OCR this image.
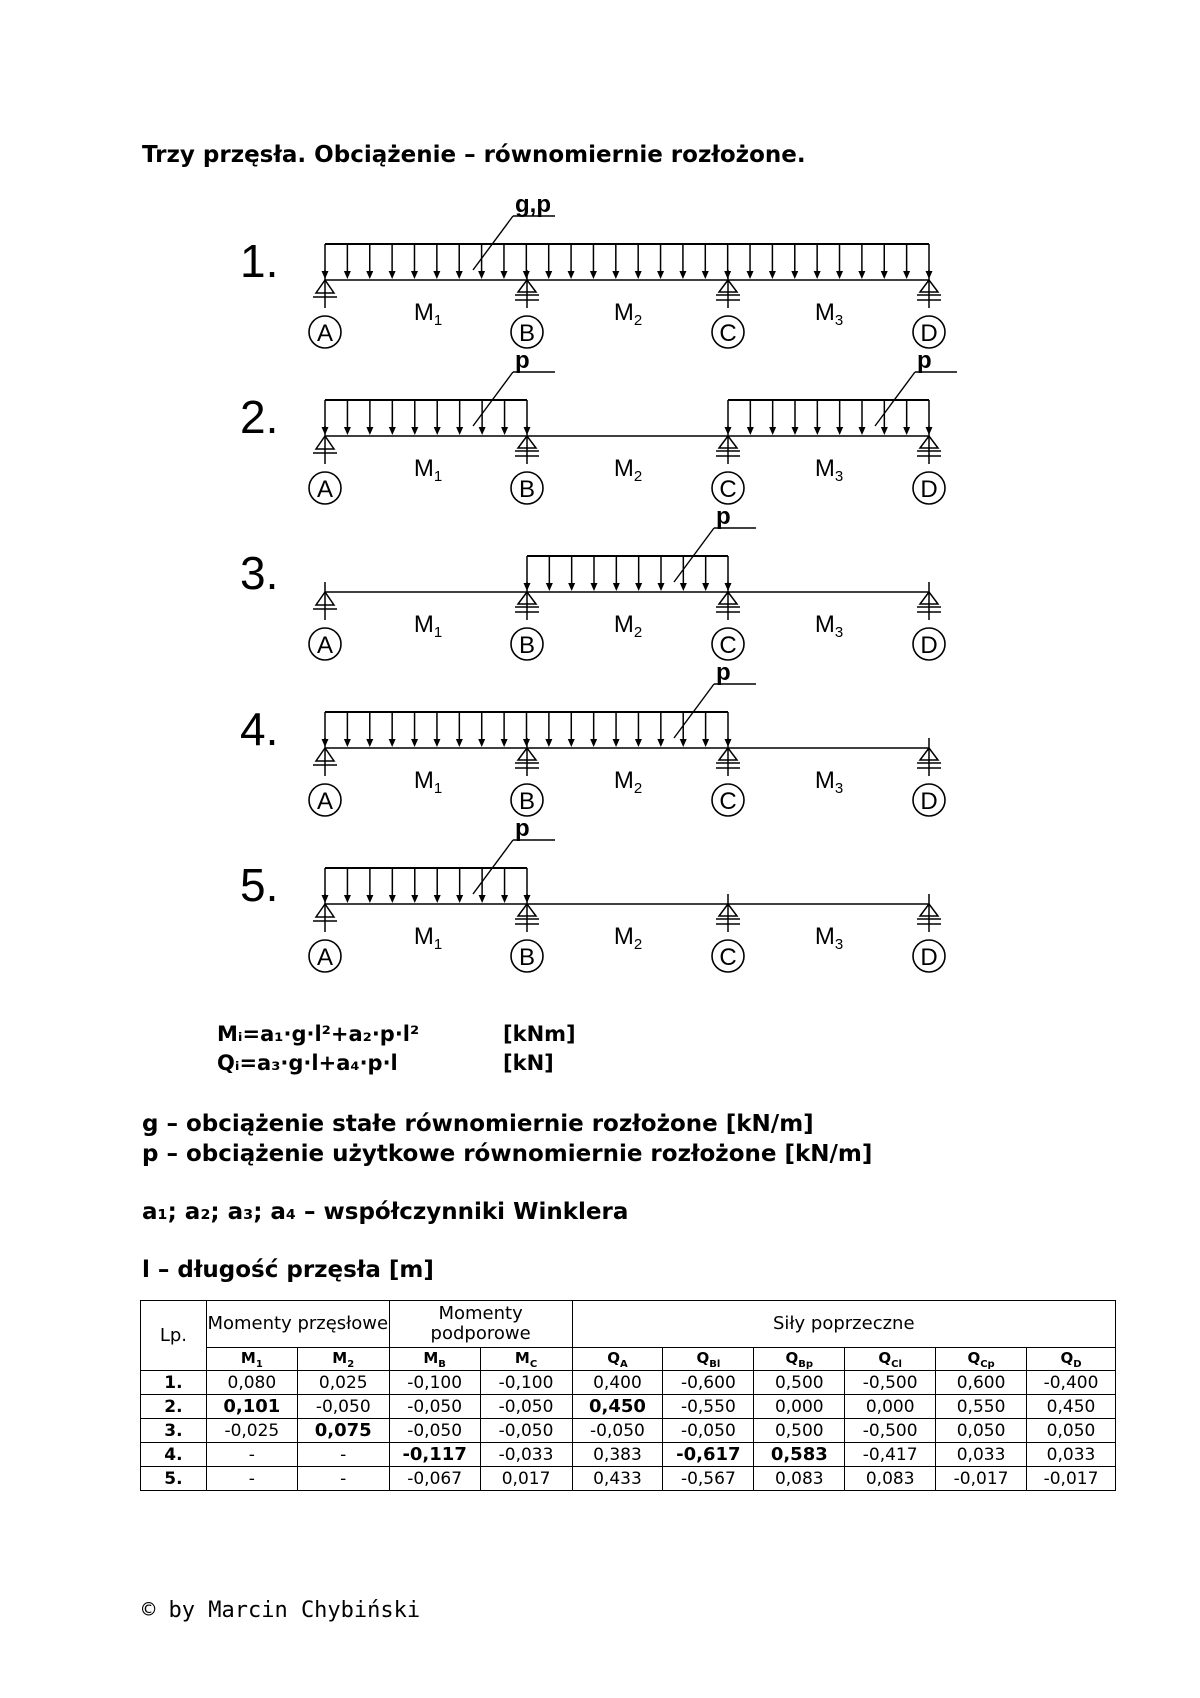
Trzy przęsła. Obciążenie – równomiernie rozłożone.
1.
A	B	C	D
$M_1$	$M_2$	$M_3$
g,p
2.
A	B	C	D
$M_1$	$M_2$	$M_3$
p	p
3.
A	B	C	D
$M_1$	$M_2$	$M_3$
p
4.
A	B	C	D
$M_1$	$M_2$	$M_3$
p
5.
A	B	C	D
$M_1$	$M_2$	$M_3$
p
Mᵢ=a₁·g·l²+a₂·p·l²	[kNm]
Qᵢ=a₃·g·l+a₄·p·l	[kN]
g – obciążenie stałe równomiernie rozłożone [kN/m]
p – obciążenie użytkowe równomiernie rozłożone [kN/m]
a₁; a₂; a₃; a₄ – współczynniki Winklera
l – długość przęsła [m]
Lp.	Momenty przęsłowe		Momenty podporowe		Siły poprzeczne					
	$M_1$	$M_2$	$M_B$	$M_C$	$Q_A$	$Q_{Bl}$	$Q_{Bp}$	$Q_{Cl}$	$Q_{Cp}$	$Q_D$
1.	0,080	0,025	-0,100	-0,100	0,400	-0,600	0,500	-0,500	0,600	-0,400
2.	0,101	-0,050	-0,050	-0,050	0,450	-0,550	0,000	0,000	0,550	0,450
3.	-0,025	0,075	-0,050	-0,050	-0,050	-0,050	0,500	-0,500	0,050	0,050
4.	-	-	-0,117	-0,033	0,383	-0,617	0,583	-0,417	0,033	0,033
5.	-	-	-0,067	0,017	0,433	-0,567	0,083	0,083	-0,017	-0,017
© by Marcin Chybiński
